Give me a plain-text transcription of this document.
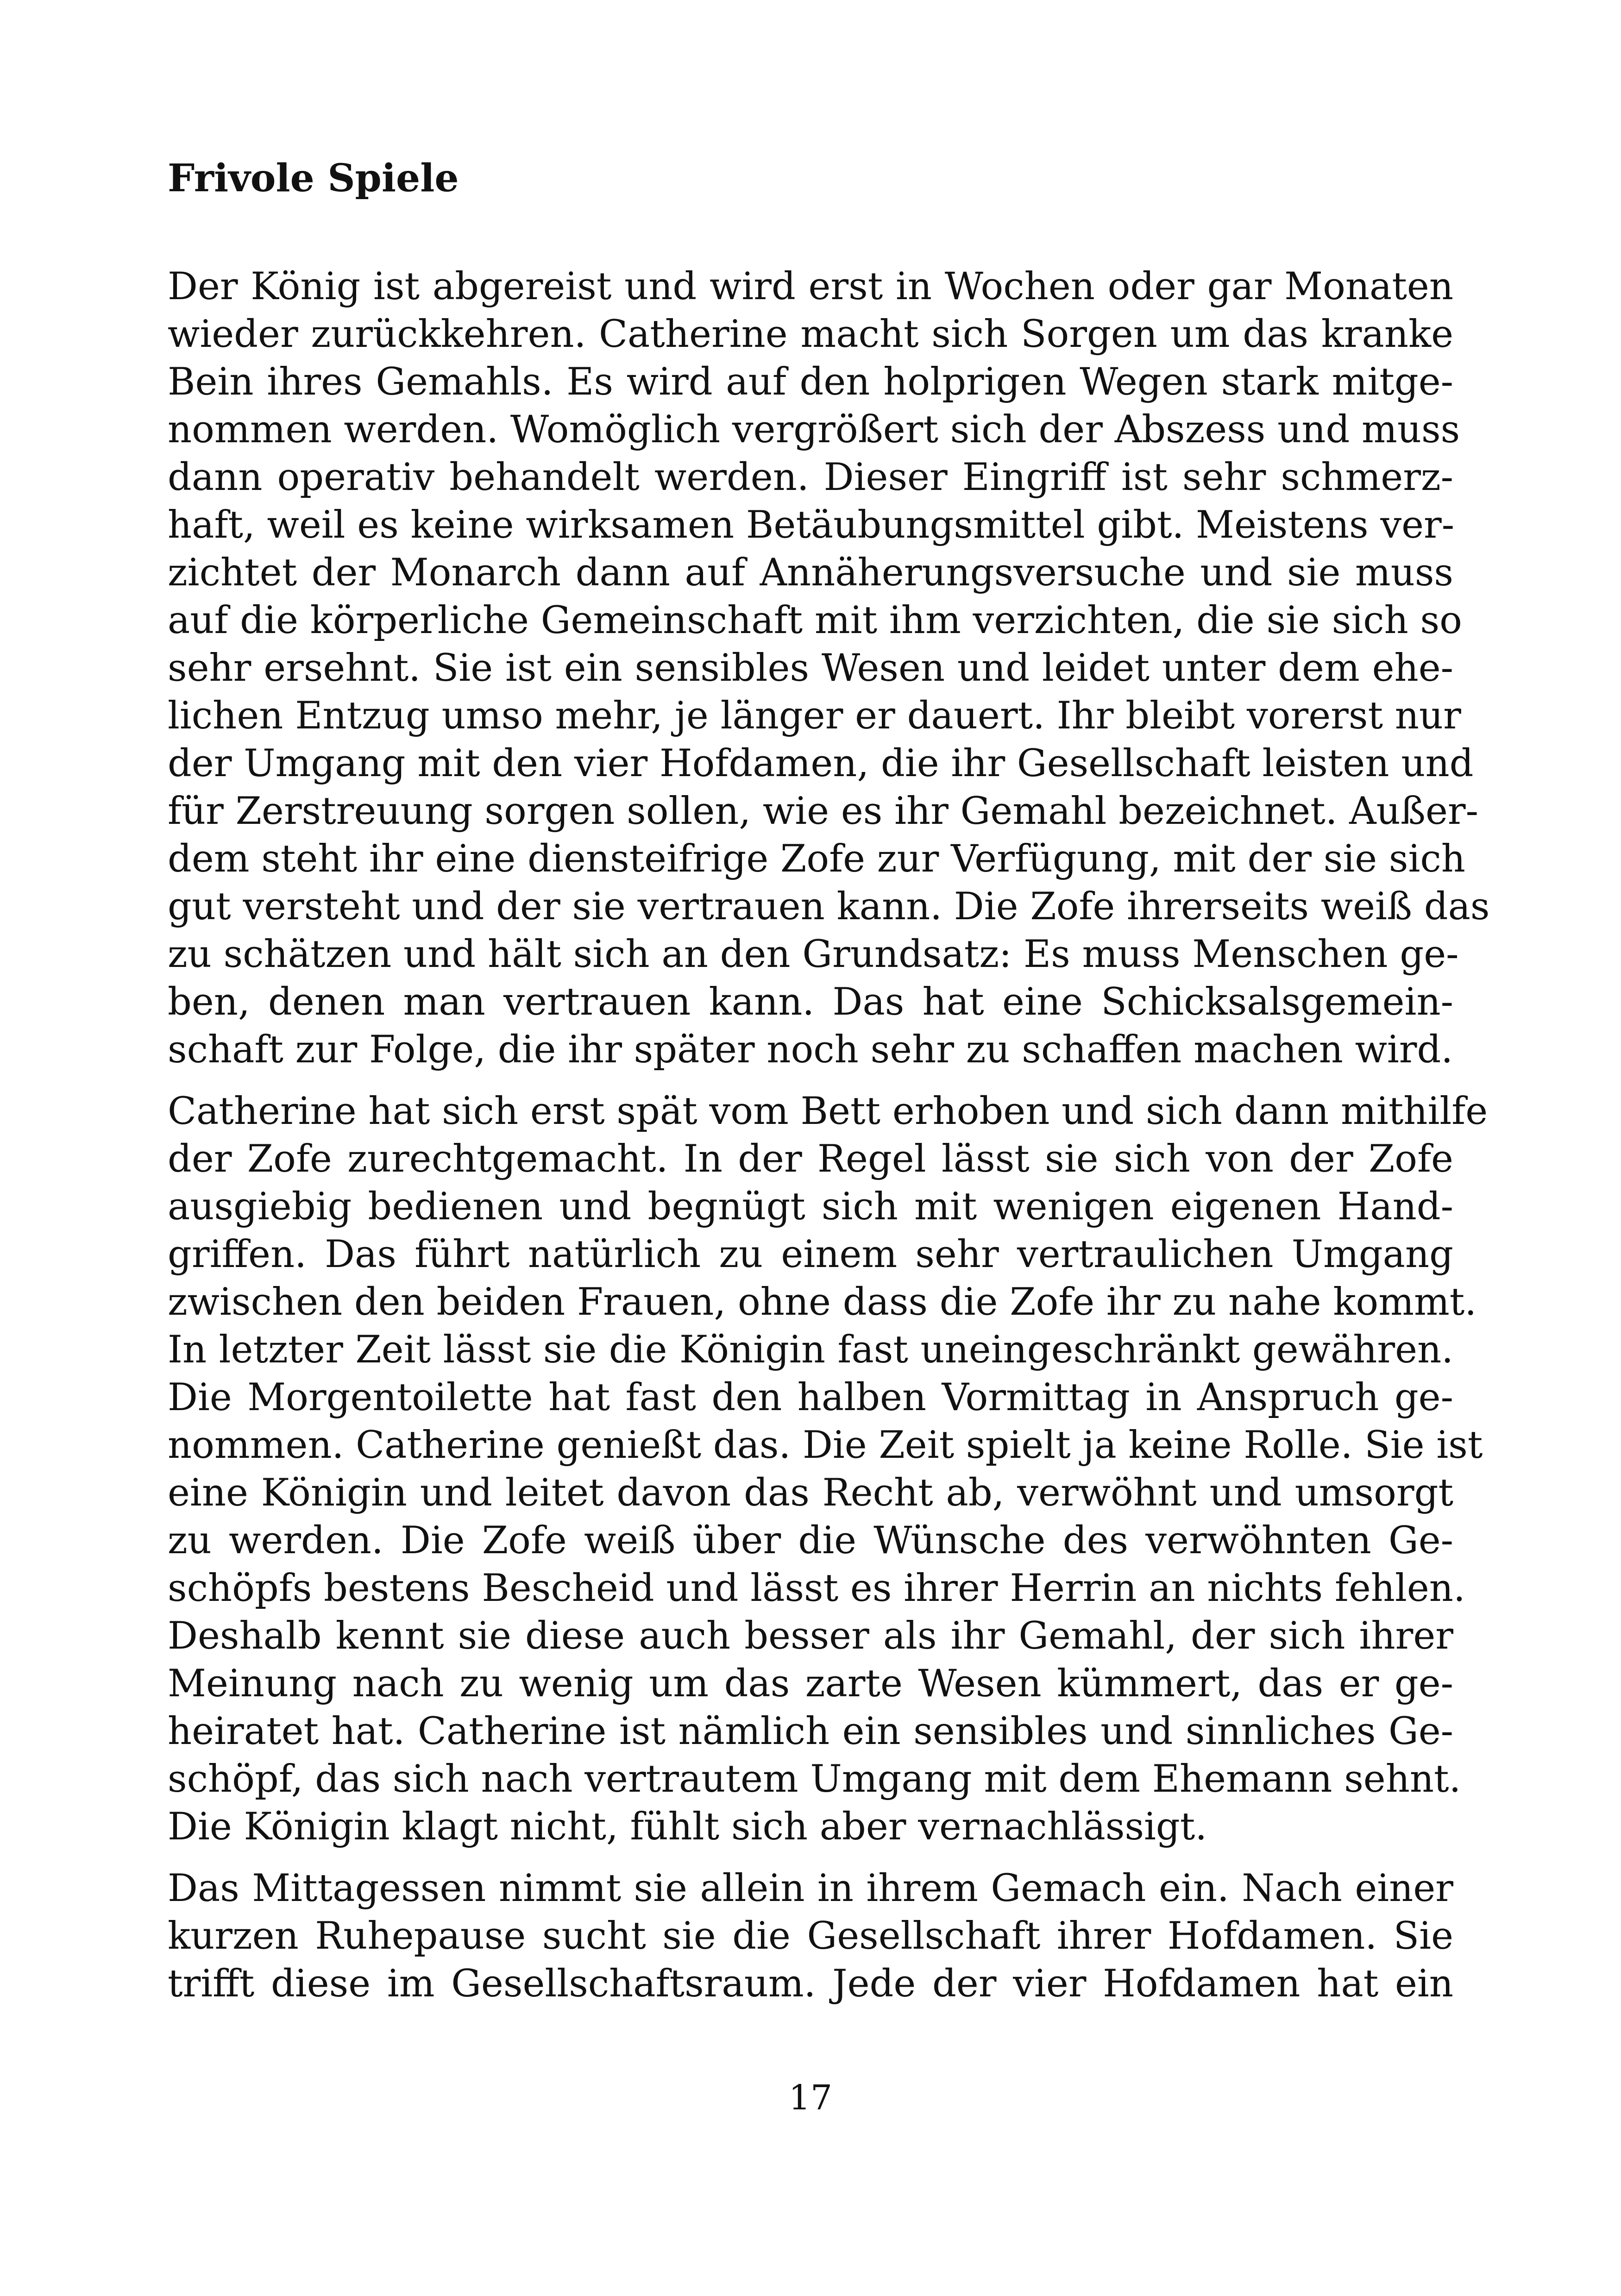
Frivole Spiele
Der König ist abgereist und wird erst in Wochen oder gar Monaten
wieder zurückkehren. Catherine macht sich Sorgen um das kranke
Bein ihres Gemahls. Es wird auf den holprigen Wegen stark mitge-
nommen werden. Womöglich vergrößert sich der Abszess und muss
dann operativ behandelt werden. Dieser Eingriff ist sehr schmerz-
haft, weil es keine wirksamen Betäubungsmittel gibt. Meistens ver-
zichtet der Monarch dann auf Annäherungsversuche und sie muss
auf die körperliche Gemeinschaft mit ihm verzichten, die sie sich so
sehr ersehnt. Sie ist ein sensibles Wesen und leidet unter dem ehe-
lichen Entzug umso mehr, je länger er dauert. Ihr bleibt vorerst nur
der Umgang mit den vier Hofdamen, die ihr Gesellschaft leisten und
für Zerstreuung sorgen sollen, wie es ihr Gemahl bezeichnet. Außer-
dem steht ihr eine diensteifrige Zofe zur Verfügung, mit der sie sich
gut versteht und der sie vertrauen kann. Die Zofe ihrerseits weiß das
zu schätzen und hält sich an den Grundsatz: Es muss Menschen ge-
ben, denen man vertrauen kann. Das hat eine Schicksalsgemein-
schaft zur Folge, die ihr später noch sehr zu schaffen machen wird.
Catherine hat sich erst spät vom Bett erhoben und sich dann mithilfe
der Zofe zurechtgemacht. In der Regel lässt sie sich von der Zofe
ausgiebig bedienen und begnügt sich mit wenigen eigenen Hand-
griffen. Das führt natürlich zu einem sehr vertraulichen Umgang
zwischen den beiden Frauen, ohne dass die Zofe ihr zu nahe kommt.
In letzter Zeit lässt sie die Königin fast uneingeschränkt gewähren.
Die Morgentoilette hat fast den halben Vormittag in Anspruch ge-
nommen. Catherine genießt das. Die Zeit spielt ja keine Rolle. Sie ist
eine Königin und leitet davon das Recht ab, verwöhnt und umsorgt
zu werden. Die Zofe weiß über die Wünsche des verwöhnten Ge-
schöpfs bestens Bescheid und lässt es ihrer Herrin an nichts fehlen.
Deshalb kennt sie diese auch besser als ihr Gemahl, der sich ihrer
Meinung nach zu wenig um das zarte Wesen kümmert, das er ge-
heiratet hat. Catherine ist nämlich ein sensibles und sinnliches Ge-
schöpf, das sich nach vertrautem Umgang mit dem Ehemann sehnt.
Die Königin klagt nicht, fühlt sich aber vernachlässigt.
Das Mittagessen nimmt sie allein in ihrem Gemach ein. Nach einer
kurzen Ruhepause sucht sie die Gesellschaft ihrer Hofdamen. Sie
trifft diese im Gesellschaftsraum. Jede der vier Hofdamen hat ein
17
